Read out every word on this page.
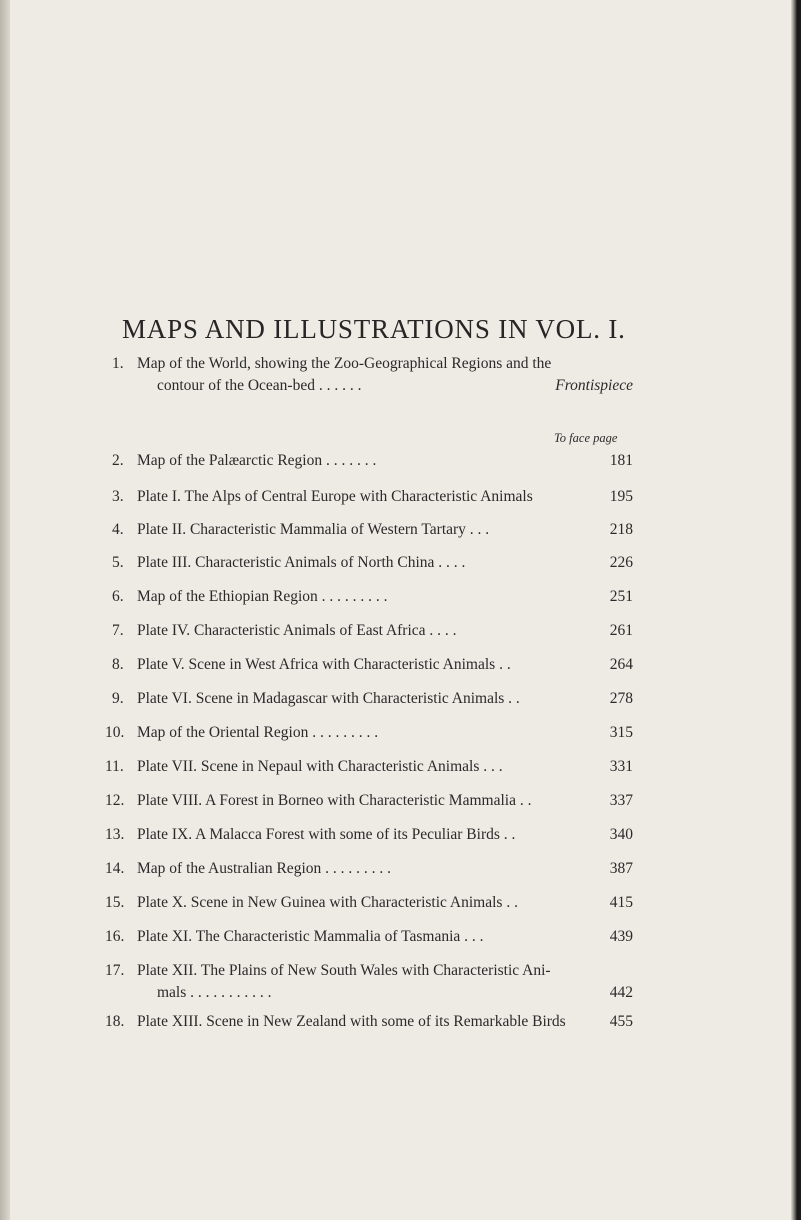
MAPS AND ILLUSTRATIONS IN VOL. I.
To face page
1. Map of the World, showing the Zoo-Geographical Regions and the
contour of the Ocean-bed . . . . . .	Frontispiece
2. Map of the Palæarctic Region . . . . . . .	181
3. Plate I. The Alps of Central Europe with Characteristic Animals	195
4. Plate II. Characteristic Mammalia of Western Tartary . . .	218
5. Plate III. Characteristic Animals of North China . . . .	226
6. Map of the Ethiopian Region . . . . . . . . .	251
7. Plate IV. Characteristic Animals of East Africa . . . .	261
8. Plate V. Scene in West Africa with Characteristic Animals . .	264
9. Plate VI. Scene in Madagascar with Characteristic Animals . .	278
10. Map of the Oriental Region . . . . . . . . .	315
11. Plate VII. Scene in Nepaul with Characteristic Animals . . .	331
12. Plate VIII. A Forest in Borneo with Characteristic Mammalia . .	337
13. Plate IX. A Malacca Forest with some of its Peculiar Birds . .	340
14. Map of the Australian Region . . . . . . . . .	387
15. Plate X. Scene in New Guinea with Characteristic Animals . .	415
16. Plate XI. The Characteristic Mammalia of Tasmania . . .	439
17. Plate XII. The Plains of New South Wales with Characteristic Ani-
mals . . . . . . . . . . .	442
18. Plate XIII. Scene in New Zealand with some of its Remarkable Birds	455
